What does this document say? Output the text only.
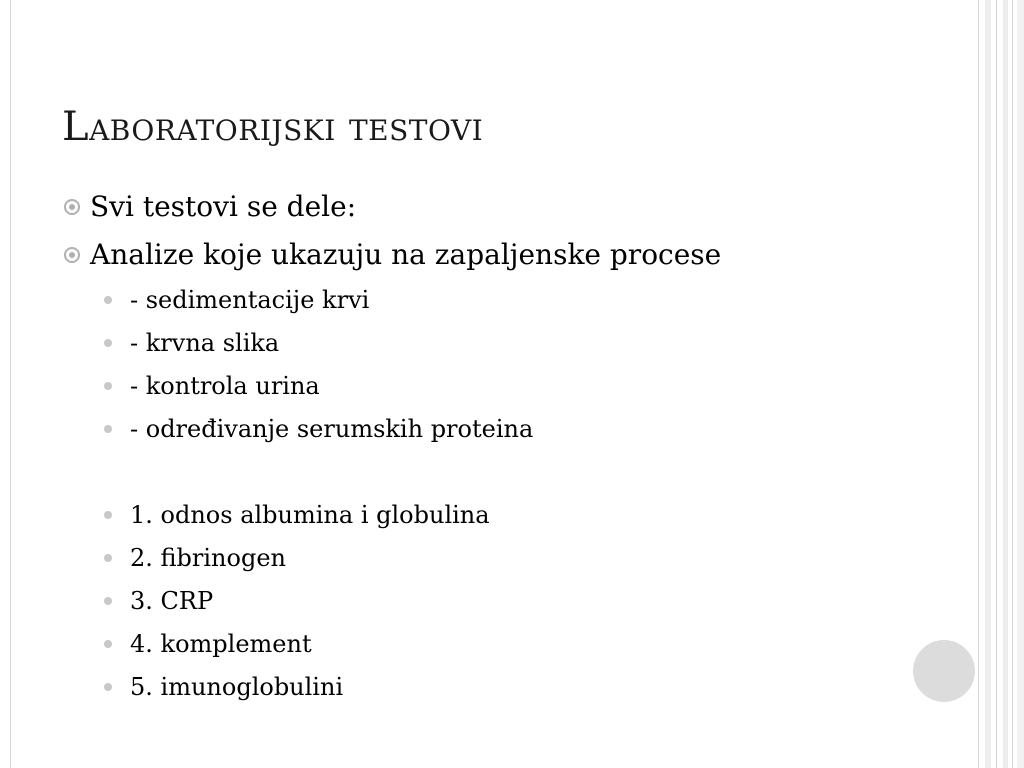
Laboratorijski testovi
Svi testovi se dele:
Analize koje ukazuju na zapaljenske procese
- sedimentacije krvi
- krvna slika
- kontrola urina
- određivanje serumskih proteina
1. odnos albumina i globulina
2. fibrinogen
3. CRP
4. komplement
5. imunoglobulini
